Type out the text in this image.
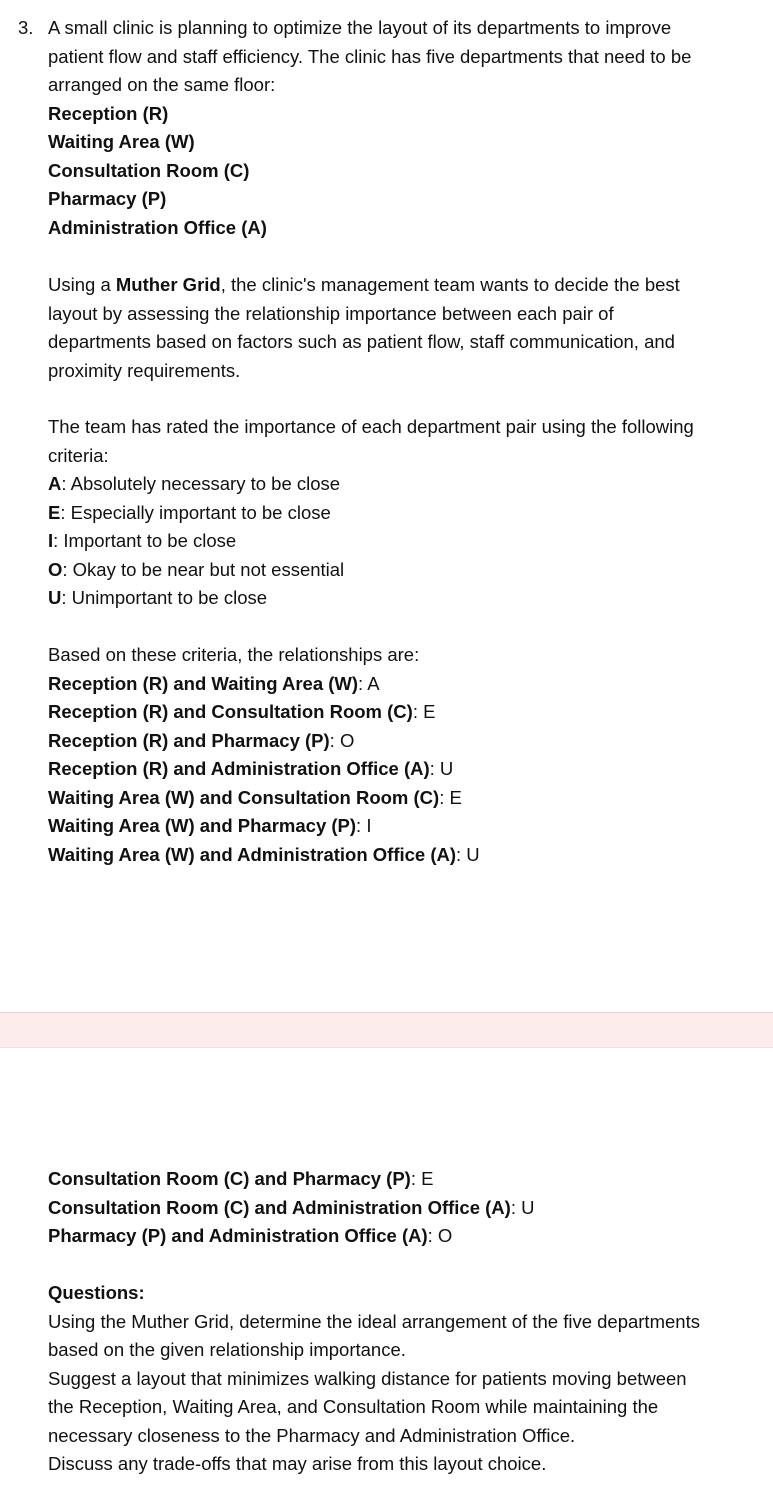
3. A small clinic is planning to optimize the layout of its departments to improve
patient flow and staff efficiency. The clinic has five departments that need to be
arranged on the same floor:
Reception (R)
Waiting Area (W)
Consultation Room (C)
Pharmacy (P)
Administration Office (A)
Using a Muther Grid, the clinic's management team wants to decide the best
layout by assessing the relationship importance between each pair of
departments based on factors such as patient flow, staff communication, and
proximity requirements.
The team has rated the importance of each department pair using the following
criteria:
A: Absolutely necessary to be close
E: Especially important to be close
I: Important to be close
O: Okay to be near but not essential
U: Unimportant to be close
Based on these criteria, the relationships are:
Reception (R) and Waiting Area (W): A
Reception (R) and Consultation Room (C): E
Reception (R) and Pharmacy (P): O
Reception (R) and Administration Office (A): U
Waiting Area (W) and Consultation Room (C): E
Waiting Area (W) and Pharmacy (P): I
Waiting Area (W) and Administration Office (A): U
Consultation Room (C) and Pharmacy (P): E
Consultation Room (C) and Administration Office (A): U
Pharmacy (P) and Administration Office (A): O
Questions:
Using the Muther Grid, determine the ideal arrangement of the five departments
based on the given relationship importance.
Suggest a layout that minimizes walking distance for patients moving between
the Reception, Waiting Area, and Consultation Room while maintaining the
necessary closeness to the Pharmacy and Administration Office.
Discuss any trade-offs that may arise from this layout choice.
